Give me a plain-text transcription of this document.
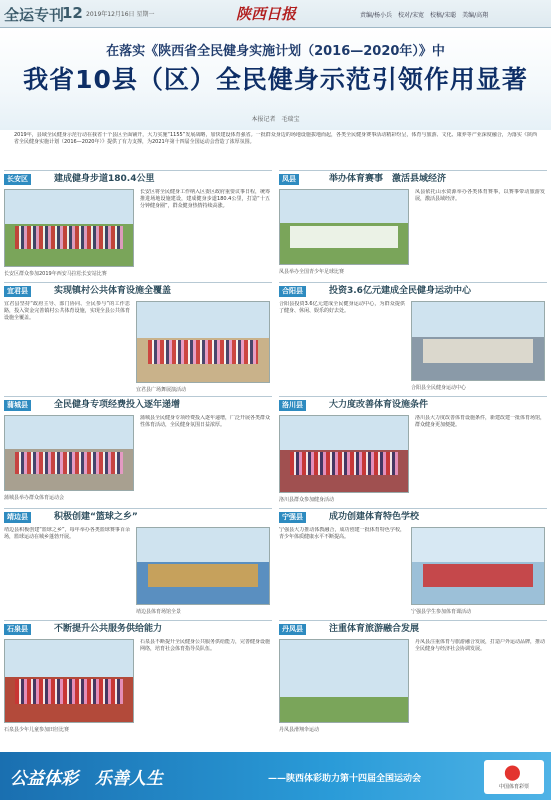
全运专刊
12 2019年12月16日 星期一	陕西日报	责编/杨小兵　校对/宋宽　校稿/宋聪　美编/高翔
在落实《陕西省全民健身实施计划（2016—2020年）》中
我省10县（区）全民健身示范引领作用显著
本报记者　毛瑞宝
2019年，县域全民健身示范行动在我省十个县区全面铺开，大力实施“1155”发展战略，加快建设体育强省。一批群众身边的场地设施拔地而起，各类全民健身赛事活动精彩纷呈，体育与旅游、文化、康养等产业深度融合，为落实《陕西省全民健身实施计划（2016—2020年）》提供了有力支撑，为2021年第十四届全国运动会营造了浓厚氛围。
长安区	建成健身步道180.4公里
长安区群众参加2019年西安马拉松长安站比赛
长安区将全民健身工作纳入区委区政府重要议事日程，统筹推进场地设施建设，建成健身步道180.4公里，打造“十五分钟健身圈”，群众健身热情持续高涨。
宜君县	实现镇村公共体育设施全覆盖
宜君县坚持“政府主导、部门协同、全民参与”的工作思路，投入资金完善镇村公共体育设施，实现全县公共体育设施全覆盖。
宜君县广场舞展演活动
蒲城县	全民健身专项经费投入逐年递增
蒲城县举办群众体育运动会
蒲城县全民健身专项经费投入逐年递增，广泛开展各类群众性体育活动，全民健身氛围日益浓厚。
靖边县	积极创建“篮球之乡”
靖边县积极创建“篮球之乡”，每年举办各类篮球赛事百余场，篮球运动在城乡蓬勃开展。
靖边县体育场馆全景
石泉县	不断提升公共服务供给能力
石泉县少年儿童参加田径比赛
石泉县不断提升全民健身公共服务供给能力，完善健身设施网络，培育社会体育指导员队伍。
凤县	举办体育赛事　激活县域经济
凤县举办全国青少年足球比赛
凤县依托山水资源举办各类体育赛事，以赛事带动旅游发展，激活县域经济。
合阳县	投资3.6亿元建成全民健身运动中心
合阳县投资3.6亿元建成全民健身运动中心，为群众提供了健身、休闲、娱乐的好去处。
合阳县全民健身运动中心
洛川县	大力度改善体育设施条件
洛川县群众参加健身活动
洛川县大力度改善体育设施条件，新建改建一批体育场馆，群众健身更加便捷。
宁强县	成功创建体育特色学校
宁强县大力推动体教融合，成功创建一批体育特色学校，青少年体质健康水平不断提高。
宁强县学生参加体育课活动
丹凤县	注重体育旅游融合发展
丹凤县滑翔伞运动
丹凤县注重体育与旅游融合发展，打造户外运动品牌，推动全民健身与经济社会协调发展。
公益体彩　乐善人生	——陕西体彩助力第十四届全国运动会	⬤
中国体育彩票
